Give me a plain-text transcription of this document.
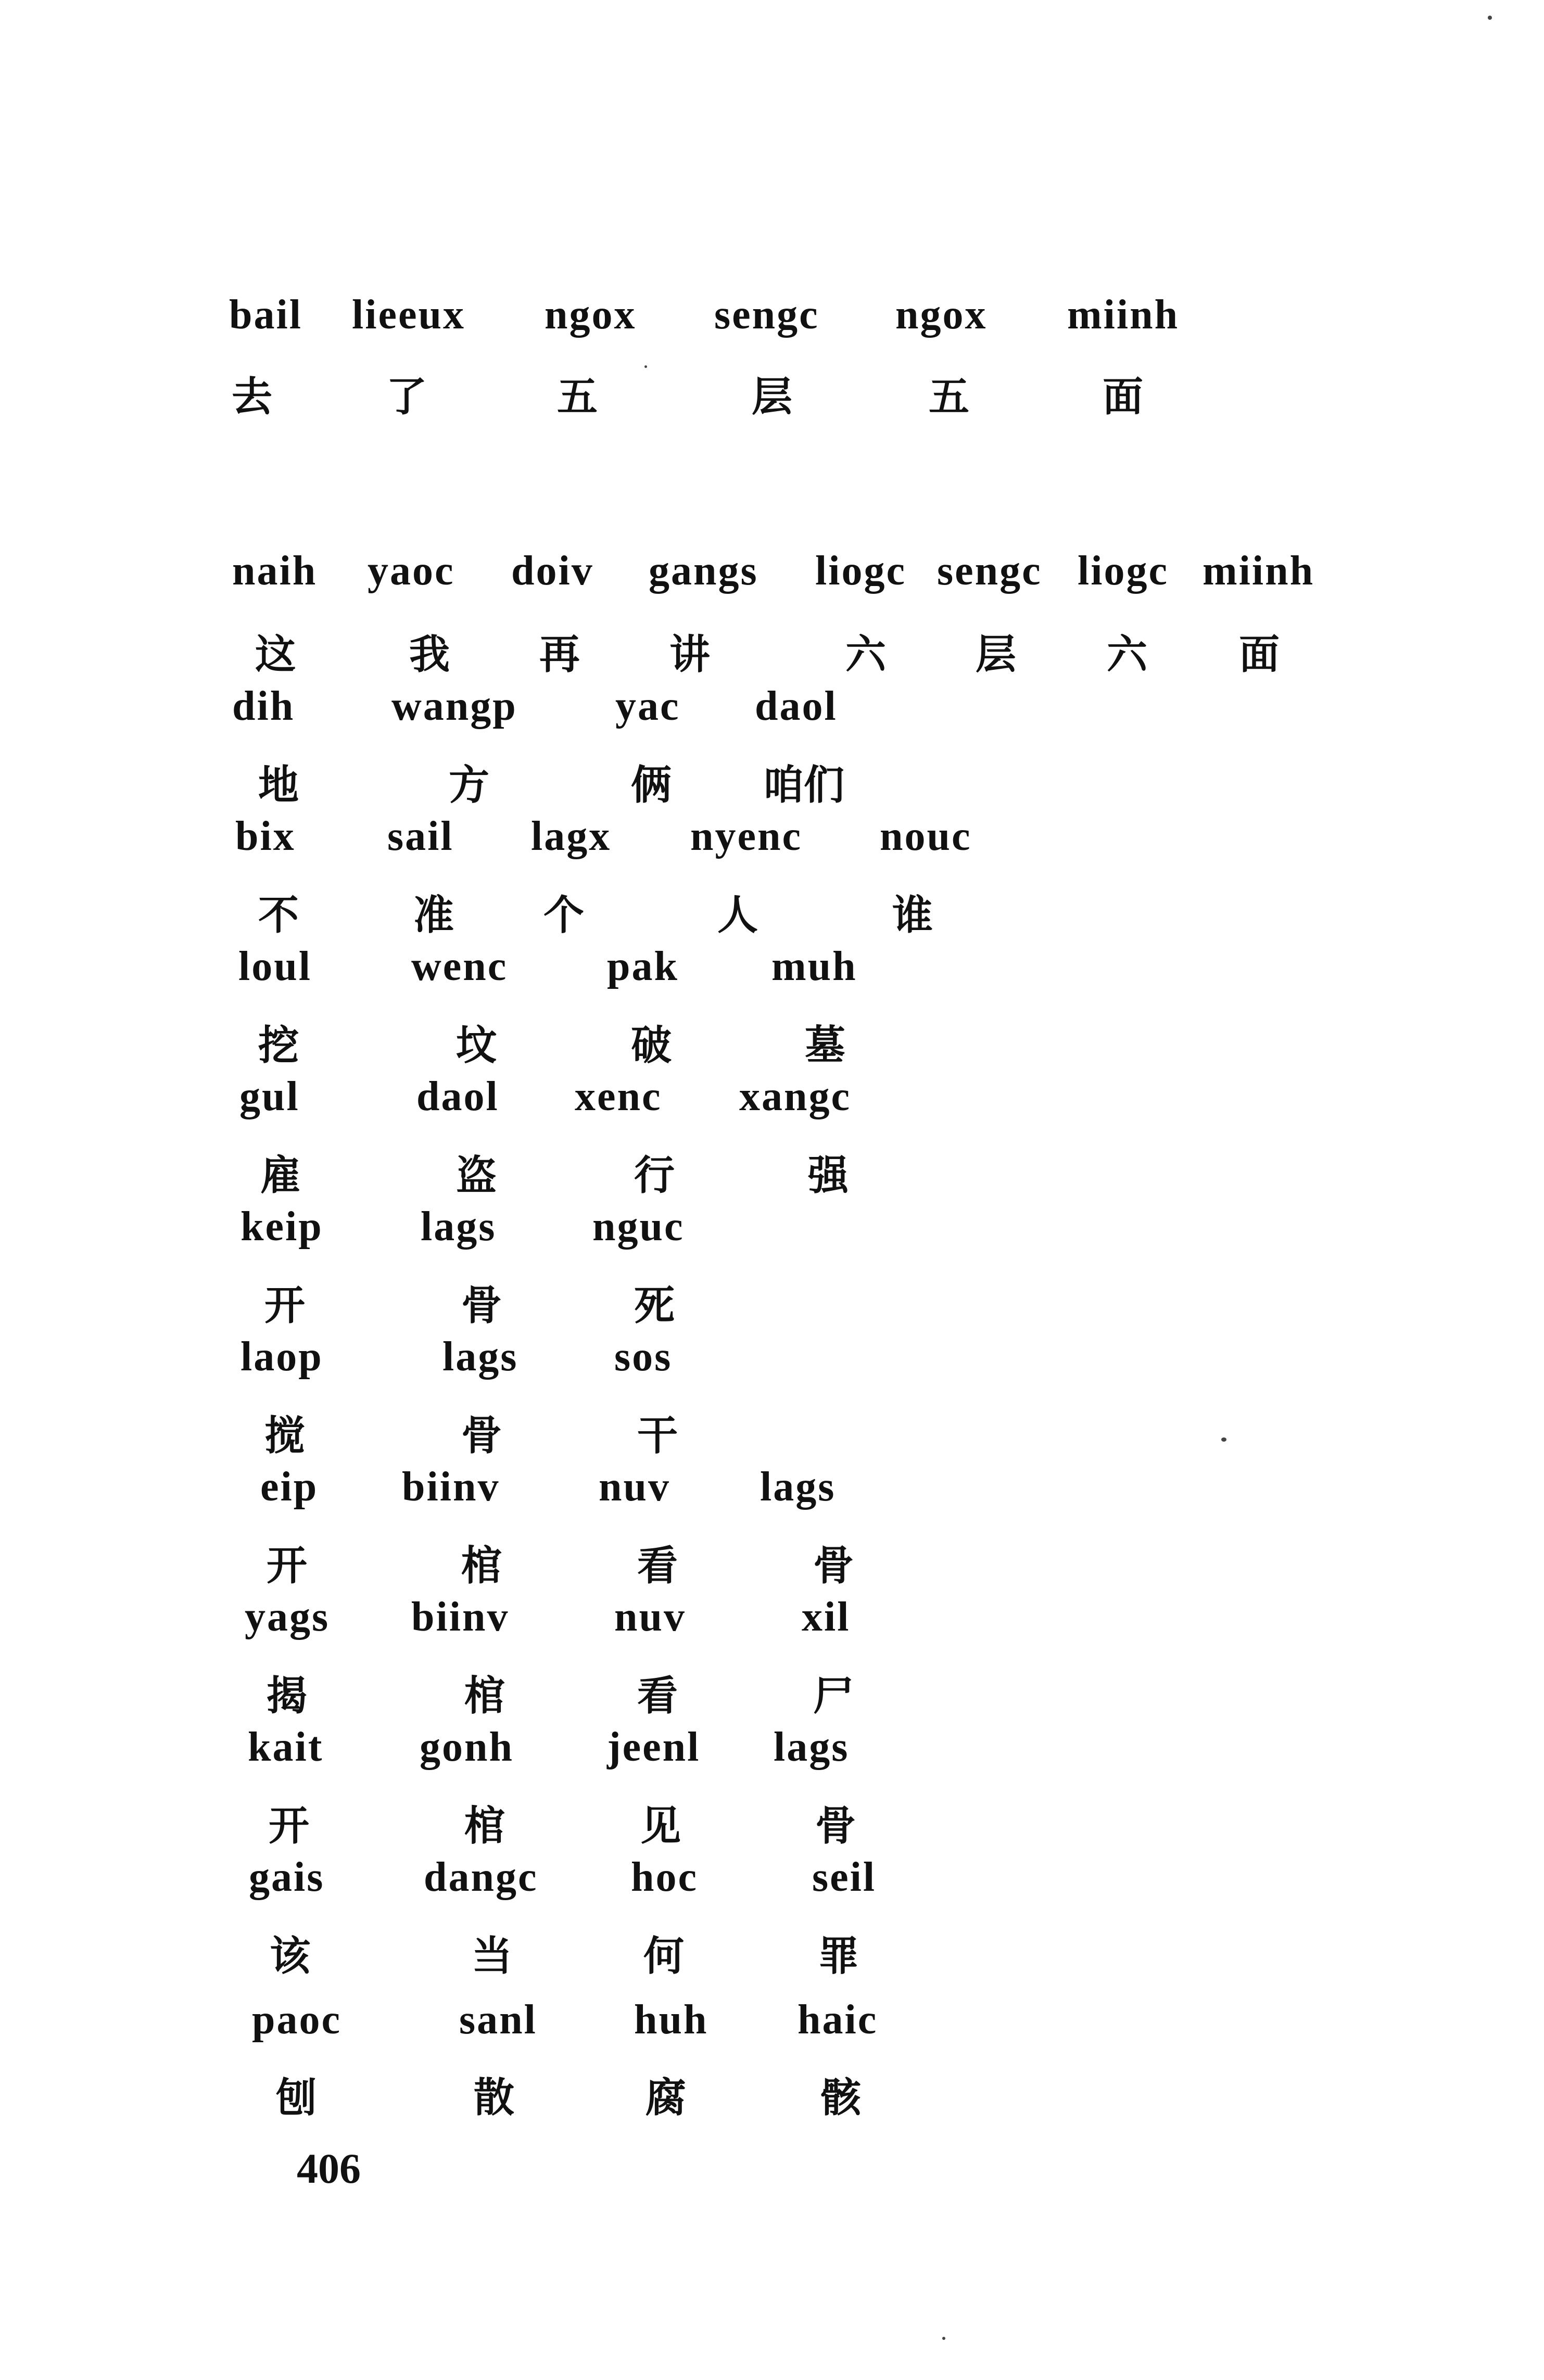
bail lieeux ngox sengc ngox miinh
去	了	五	层	五	面
naih yaoc doiv gangs liogc sengc liogc miinh
这	我 再 讲	六 层 六 面
dih wangp yac daol
地	方	俩 咱们
bix sail lagx nyenc nouc
不	准 个	人	谁
loul wenc pak muh
挖	坟	破	墓
gul	daol xenc xangc
雇	盗	行	强
keip lags nguc
开	骨	死
laop	lags sos
搅	骨	干
eip biinv nuv lags
开	棺	看	骨
yags biinv	nuv	xil
揭	棺	看	尸
kait gonh jeenl lags
开	棺	见	骨
gais dangc hoc	seil
该	当	何	罪
paoc	sanl huh haic
刨	散	腐	骸
406
